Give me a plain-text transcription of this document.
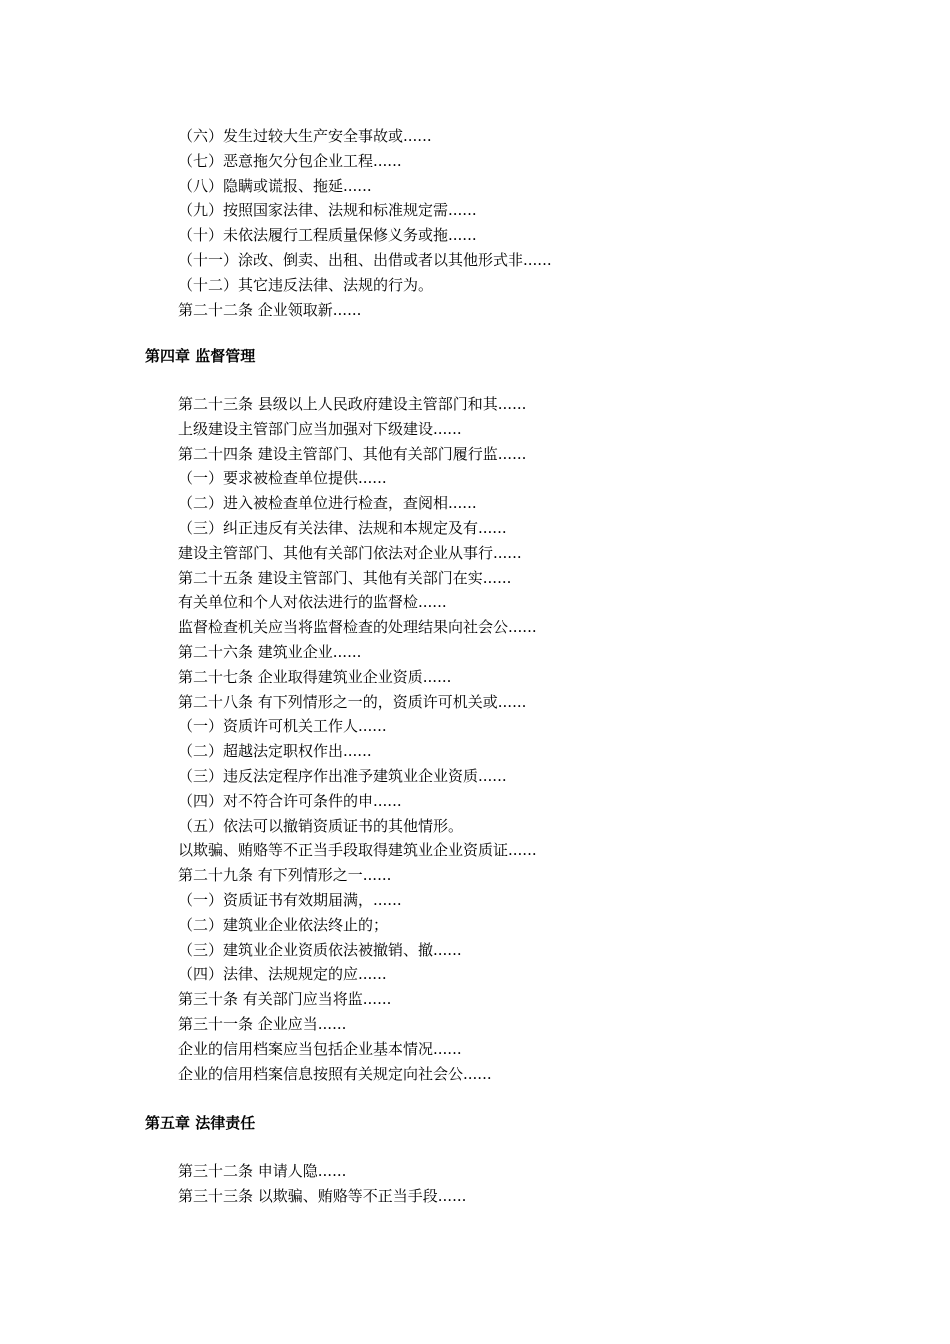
（六）发生过较大生产安全事故或......
（七）恶意拖欠分包企业工程......
（八）隐瞒或谎报、拖延......
（九）按照国家法律、法规和标准规定需......
（十）未依法履行工程质量保修义务或拖......
（十一）涂改、倒卖、出租、出借或者以其他形式非......
（十二）其它违反法律、法规的行为。
第二十二条 企业领取新......
第四章 监督管理
第二十三条 县级以上人民政府建设主管部门和其......
上级建设主管部门应当加强对下级建设......
第二十四条 建设主管部门、其他有关部门履行监......
（一）要求被检查单位提供......
（二）进入被检查单位进行检查，查阅相......
（三）纠正违反有关法律、法规和本规定及有......
建设主管部门、其他有关部门依法对企业从事行......
第二十五条 建设主管部门、其他有关部门在实......
有关单位和个人对依法进行的监督检......
监督检查机关应当将监督检查的处理结果向社会公......
第二十六条 建筑业企业......
第二十七条 企业取得建筑业企业资质......
第二十八条 有下列情形之一的，资质许可机关或......
（一）资质许可机关工作人......
（二）超越法定职权作出......
（三）违反法定程序作出准予建筑业企业资质......
（四）对不符合许可条件的申......
（五）依法可以撤销资质证书的其他情形。
以欺骗、贿赂等不正当手段取得建筑业企业资质证......
第二十九条 有下列情形之一......
（一）资质证书有效期届满，......
（二）建筑业企业依法终止的；
（三）建筑业企业资质依法被撤销、撤......
（四）法律、法规规定的应......
第三十条 有关部门应当将监......
第三十一条 企业应当......
企业的信用档案应当包括企业基本情况......
企业的信用档案信息按照有关规定向社会公......
第五章 法律责任
第三十二条 申请人隐......
第三十三条 以欺骗、贿赂等不正当手段......
